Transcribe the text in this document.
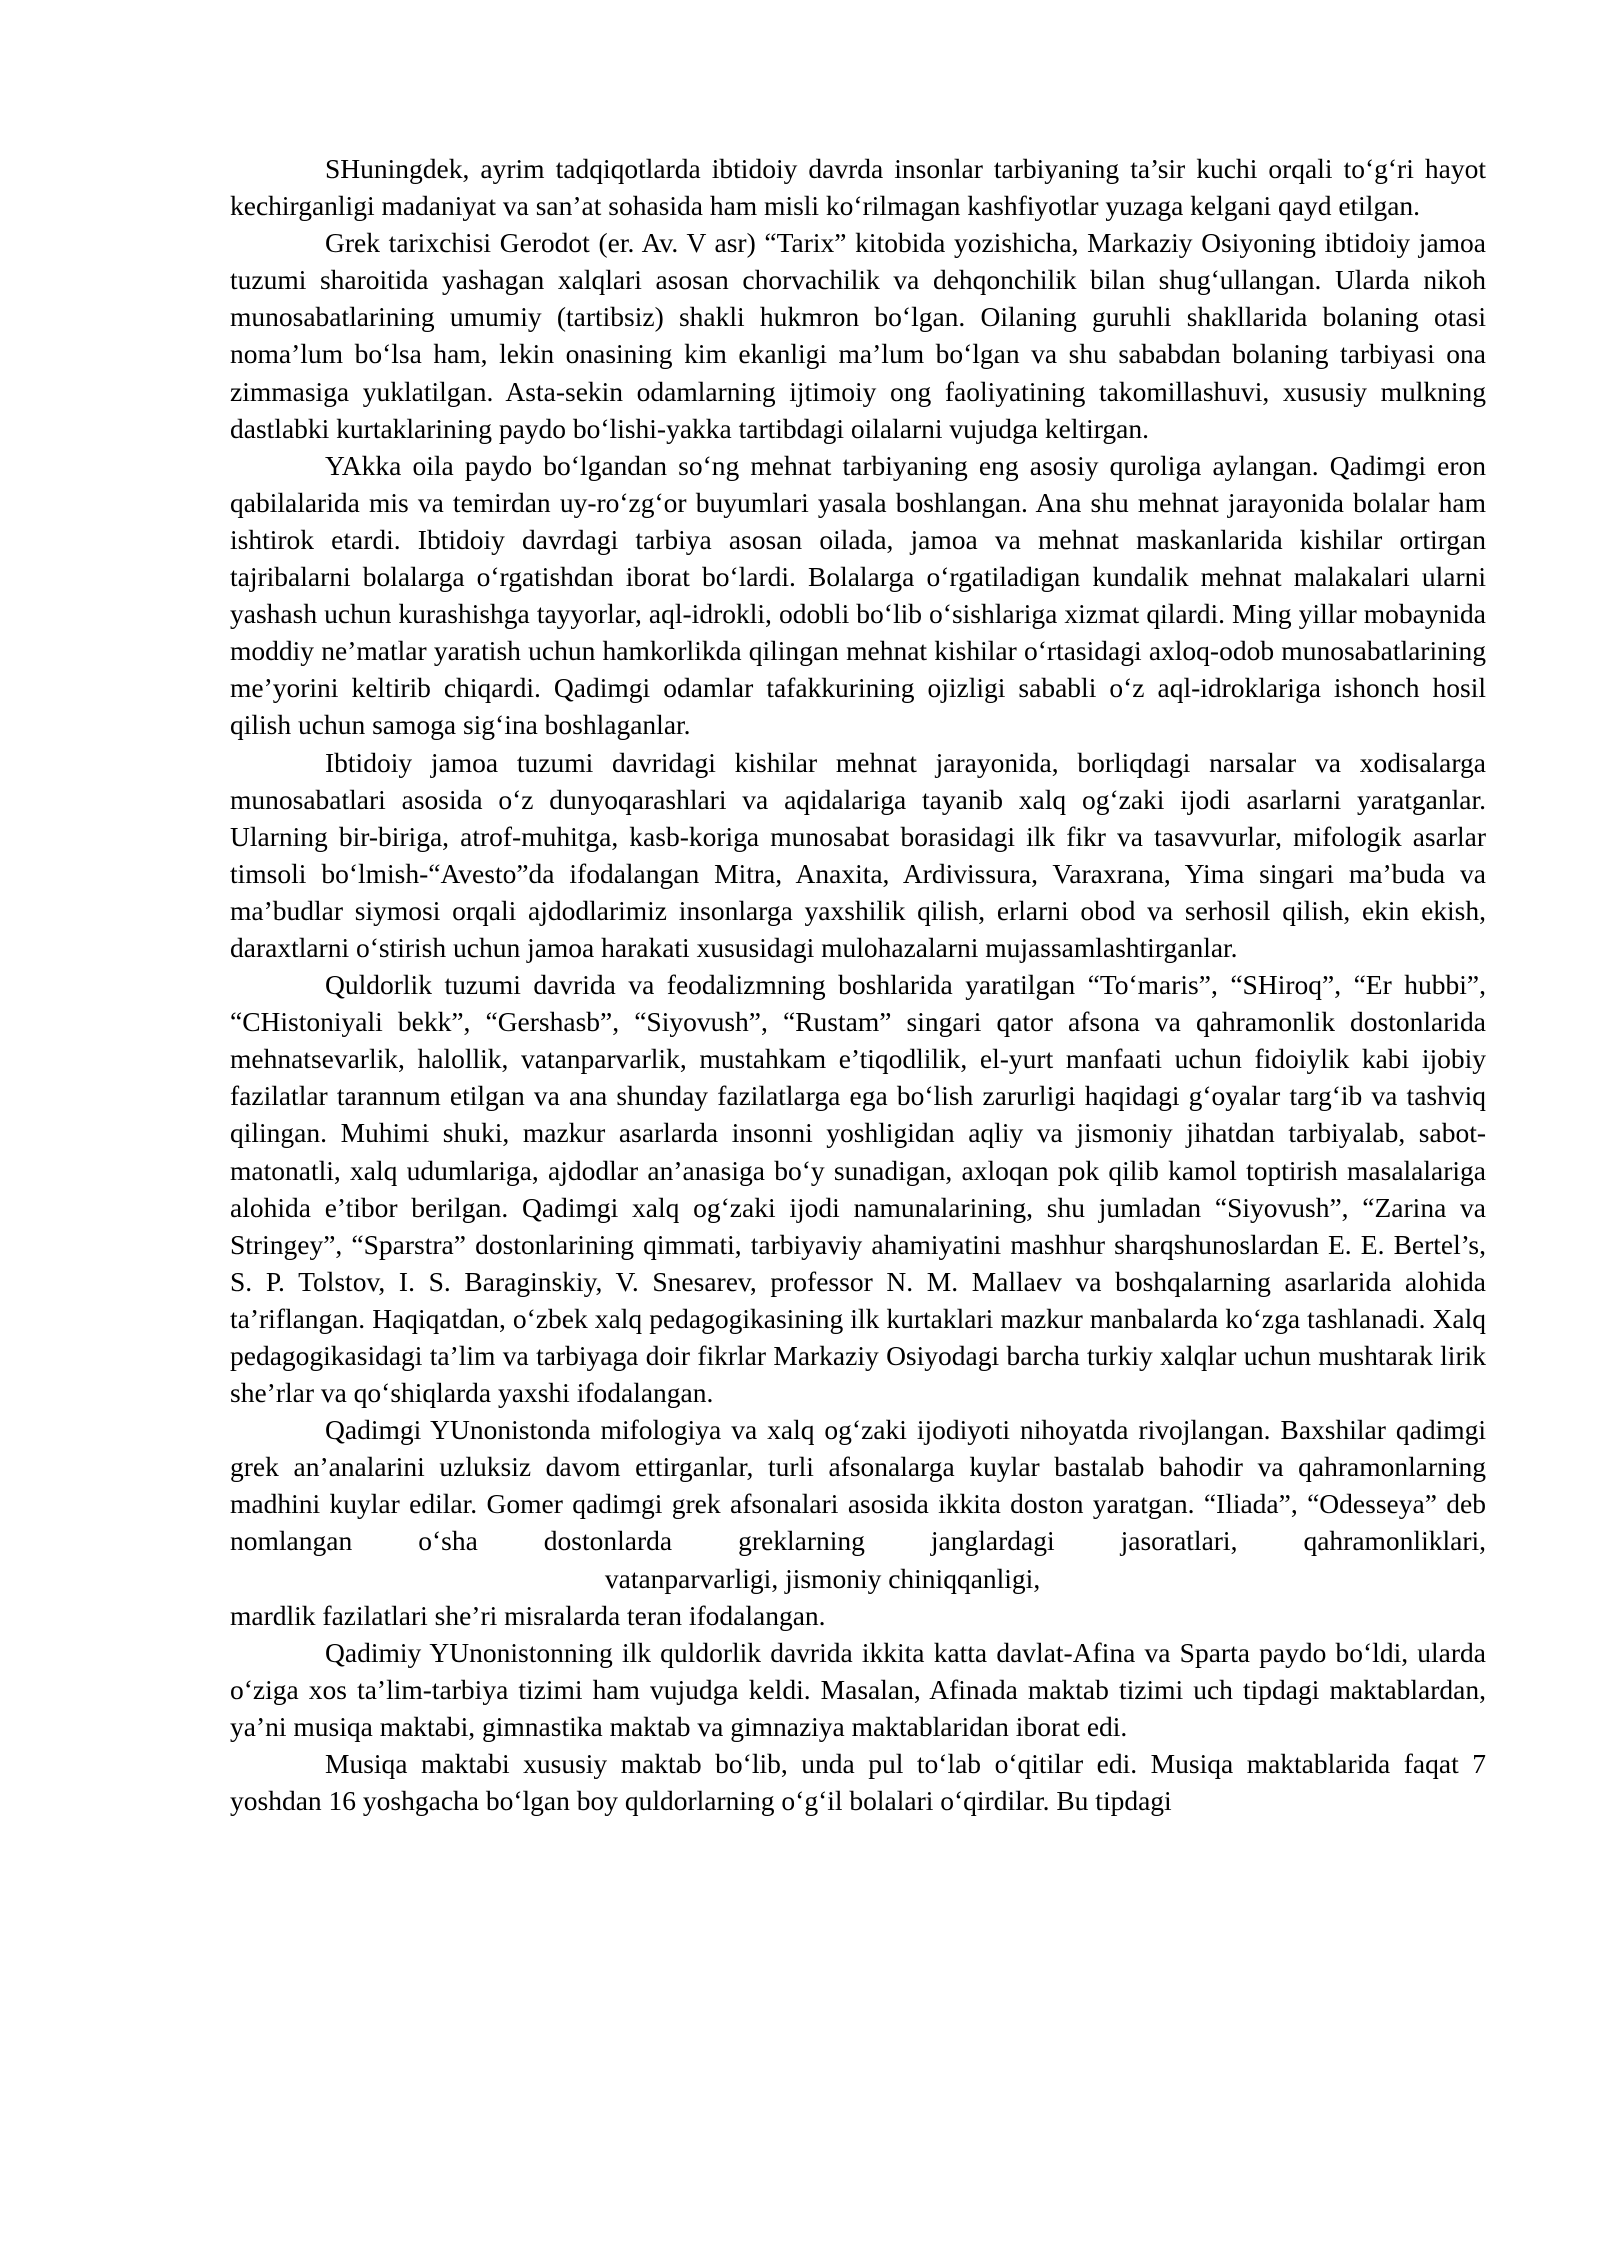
SHuningdek, ayrim tadqiqotlarda ibtidoiy davrda insonlar tarbiyaning ta’sir kuchi orqali to‘g‘ri hayot kechirganligi madaniyat va san’at sohasida ham misli ko‘rilmagan kashfiyotlar yuzaga kelgani qayd etilgan.

Grek tarixchisi Gerodot (er. Av. V asr) “Tarix” kitobida yozishicha, Markaziy Osiyoning ibtidoiy jamoa tuzumi sharoitida yashagan xalqlari asosan chorvachilik va dehqonchilik bilan shug‘ullangan. Ularda nikoh munosabatlarining umumiy (tartibsiz) shakli hukmron bo‘lgan. Oilaning guruhli shakllarida bolaning otasi noma’lum bo‘lsa ham, lekin onasining kim ekanligi ma’lum bo‘lgan va shu sababdan bolaning tarbiyasi ona zimmasiga yuklatilgan. Asta-sekin odamlarning ijtimoiy ong faoliyatining takomillashuvi, xususiy mulkning dastlabki kurtaklarining paydo bo‘lishi-yakka tartibdagi oilalarni vujudga keltirgan.

YAkka oila paydo bo‘lgandan so‘ng mehnat tarbiyaning eng asosiy quroliga aylangan. Qadimgi eron qabilalarida mis va temirdan uy-ro‘zg‘or buyumlari yasala boshlangan. Ana shu mehnat jarayonida bolalar ham ishtirok etardi. Ibtidoiy davrdagi tarbiya asosan oilada, jamoa va mehnat maskanlarida kishilar ortirgan tajribalarni bolalarga o‘rgatishdan iborat bo‘lardi. Bolalarga o‘rgatiladigan kundalik mehnat malakalari ularni yashash uchun kurashishga tayyorlar, aql-idrokli, odobli bo‘lib o‘sishlariga xizmat qilardi. Ming yillar mobaynida moddiy ne’matlar yaratish uchun hamkorlikda qilingan mehnat kishilar o‘rtasidagi axloq-odob munosabatlarining me’yorini keltirib chiqardi. Qadimgi odamlar tafakkurining ojizligi sababli o‘z aql-idroklariga ishonch hosil qilish uchun samoga sig‘ina boshlaganlar.

Ibtidoiy jamoa tuzumi davridagi kishilar mehnat jarayonida, borliqdagi narsalar va xodisalarga munosabatlari asosida o‘z dunyoqarashlari va aqidalariga tayanib xalq og‘zaki ijodi asarlarni yaratganlar. Ularning bir-biriga, atrof-muhitga, kasb-koriga munosabat borasidagi ilk fikr va tasavvurlar, mifologik asarlar timsoli bo‘lmish-“Avesto”da ifodalangan Mitra, Anaxita, Ardivissura, Varaxrana, Yima singari ma’buda va ma’budlar siymosi orqali ajdodlarimiz insonlarga yaxshilik qilish, erlarni obod va serhosil qilish, ekin ekish, daraxtlarni o‘stirish uchun jamoa harakati xususidagi mulohazalarni mujassamlashtirganlar.

Quldorlik tuzumi davrida va feodalizmning boshlarida yaratilgan “To‘maris”, “SHiroq”, “Er hubbi”, “CHistoniyali bekk”, “Gershasb”, “Siyovush”, “Rustam” singari qator afsona va qahramonlik dostonlarida mehnatsevarlik, halollik, vatanparvarlik, mustahkam e’tiqodlilik, el-yurt manfaati uchun fidoiylik kabi ijobiy fazilatlar tarannum etilgan va ana shunday fazilatlarga ega bo‘lish zarurligi haqidagi g‘oyalar targ‘ib va tashviq qilingan. Muhimi shuki, mazkur asarlarda insonni yoshligidan aqliy va jismoniy jihatdan tarbiyalab, sabot-matonatli, xalq udumlariga, ajdodlar an’anasiga bo‘y sunadigan, axloqan pok qilib kamol toptirish masalalariga alohida e’tibor berilgan. Qadimgi xalq og‘zaki ijodi namunalarining, shu jumladan “Siyovush”, “Zarina va Stringey”, “Sparstra” dostonlarining qimmati, tarbiyaviy ahamiyatini mashhur sharqshunoslardan E. E. Bertel’s, S. P. Tolstov, I. S. Baraginskiy, V. Snesarev, professor N. M. Mallaev va boshqalarning asarlarida alohida ta’riflangan. Haqiqatdan, o‘zbek xalq pedagogikasining ilk kurtaklari mazkur manbalarda ko‘zga tashlanadi. Xalq pedagogikasidagi ta’lim va tarbiyaga doir fikrlar Markaziy Osiyodagi barcha turkiy xalqlar uchun mushtarak lirik she’rlar va qo‘shiqlarda yaxshi ifodalangan.

Qadimgi YUnonistonda mifologiya va xalq og‘zaki ijodiyoti nihoyatda rivojlangan. Baxshilar qadimgi grek an’analarini uzluksiz davom ettirganlar, turli afsonalarga kuylar bastalab bahodir va qahramonlarning madhini kuylar edilar. Gomer qadimgi grek afsonalari asosida ikkita doston yaratgan. “Iliada”, “Odesseya” deb nomlangan o‘sha dostonlarda greklarning janglardagi jasoratlari, qahramonliklari,  vatanparvarligi, jismoniy chiniqqanligi,
mardlik fazilatlari she’ri misralarda teran ifodalangan.

Qadimiy YUnonistonning ilk quldorlik davrida ikkita katta davlat-Afina va Sparta paydo bo‘ldi, ularda o‘ziga xos ta’lim-tarbiya tizimi ham vujudga keldi. Masalan, Afinada maktab tizimi uch tipdagi maktablardan, ya’ni musiqa maktabi, gimnastika maktab va gimnaziya maktablaridan iborat edi.

Musiqa maktabi xususiy maktab bo‘lib, unda pul to‘lab o‘qitilar edi. Musiqa maktablarida faqat 7 yoshdan 16 yoshgacha bo‘lgan boy quldorlarning o‘g‘il bolalari o‘qirdilar. Bu tipdagi
